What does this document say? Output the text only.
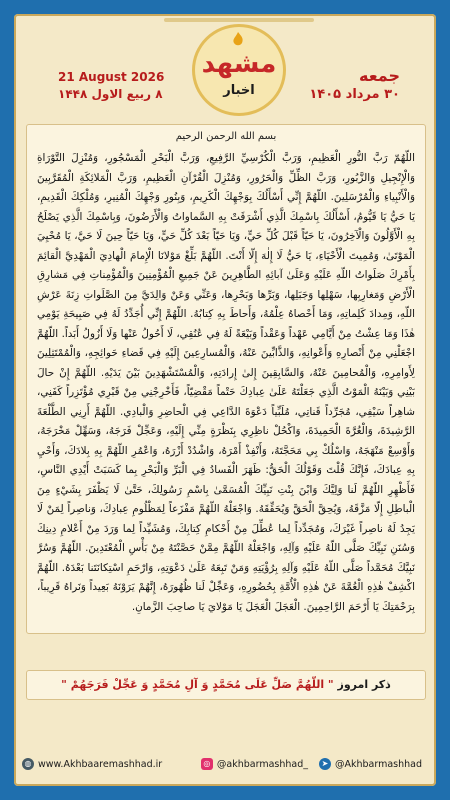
مشهد
اخبار
جمعه
۳۰ مرداد ۱۴۰۵
21 August 2026
۸ ربیع الاول ۱۴۴۸
بسم الله الرحمن الرحیم
اللّهُمّ رَبَّ النُّورِ الْعَظِيمِ، وَرَبَّ الْكُرْسِيِّ الرَّفِيعِ، وَرَبَّ الْبَحْرِ الْمَسْجُورِ، وَمُنْزِلَ التَّوْرَاةِ وَالْإِنْجِيلِ وَالزَّبُورِ، وَرَبَّ الظِّلِّ وَالْحَرُورِ، وَمُنْزِلَ الْقُرْآنِ الْعَظِيمِ، وَرَبَّ الْمَلائِكَةِ الْمُقَرَّبِينَ وَالْأَنْبِياءِ وَالْمُرْسَلِينَ. اللّهُمَّ إِنِّي أَسْأَلُكَ بِوَجْهِكَ الْكَرِيمِ، وَبِنُورِ وَجْهِكَ الْمُنِيرِ، وَمُلْكِكَ الْقَدِيمِ، يَا حَيُّ يَا قَيُّومُ، أَسْأَلُكَ بِاسْمِكَ الَّذِي أَشْرَقَتْ بِهِ السَّماواتُ وَالْأَرَضُونَ، وَبِاسْمِكَ الَّذِي يَصْلَحُ بِهِ الْأَوَّلُونَ وَالْآخِرُونَ، يَا حَيّاً قَبْلَ كُلِّ حَيٍّ، وَيَا حَيّاً بَعْدَ كُلِّ حَيٍّ، وَيَا حَيّاً حِينَ لَا حَيَّ، يَا مُحْيِيَ الْمَوْتَىٰ، وَمُمِيتَ الْأَحْيَاءِ، يَا حَيُّ لَا إِلٰهَ إِلّا أَنْتَ. اللّهُمَّ بَلِّغْ مَوْلانَا الْإِمامَ الْهادِيَ الْمَهْدِيَّ الْقائِمَ بِأَمْرِكَ صَلَواتُ اللّهِ عَلَيْهِ وَعَلَىٰ آبائِهِ الطَّاهِرِينَ عَنْ جَمِيعِ الْمُؤْمِنِينَ وَالْمُؤْمِناتِ فِي مَشارِقِ الْأَرْضِ وَمَغارِبِها، سَهْلِها وَجَبَلِها، وَبَرِّها وَبَحْرِها، وَعَنِّي وَعَنْ وَالِدَيَّ مِنَ الصَّلَواتِ زِنَةَ عَرْشِ اللّهِ، وَمِدادَ كَلِماتِهِ، وَمَا أَحْصاهُ عِلْمُهُ، وَأَحاطَ بِهِ كِتابُهُ. اللّهُمَّ إِنِّي أُجَدِّدُ لَهُ فِي صَبِيحَةِ يَوْمِي هٰذَا وَمَا عِشْتُ مِنْ أَيَّامِي عَهْداً وَعَقْداً وَبَيْعَةً لَهُ فِي عُنُقِي، لَا أَحُولُ عَنْها وَلَا أَزُولُ أَبَداً. اللّهُمَّ اجْعَلْنِي مِنْ أَنْصارِهِ وَأَعْوانِهِ، وَالذَّابِّينَ عَنْهُ، وَالْمُسارِعِينَ إِلَيْهِ فِي قَضاءِ حَوائِجِهِ، وَالْمُمْتَثِلِينَ لِأَوامِرِهِ، وَالْمُحامِينَ عَنْهُ، وَالسَّابِقِينَ إِلىٰ إِرادَتِهِ، وَالْمُسْتَشْهَدِينَ بَيْنَ يَدَيْهِ. اللّهُمَّ إِنْ حالَ بَيْنِي وَبَيْنَهُ الْمَوْتُ الَّذِي جَعَلْتَهُ عَلَىٰ عِبادِكَ حَتْماً مَقْضِيّاً، فَأَخْرِجْنِي مِنْ قَبْرِي مُؤْتَزِراً كَفَنِي، شاهِراً سَيْفِي، مُجَرِّداً قَناتِي، مُلَبِّياً دَعْوَةَ الدَّاعِي فِي الْحاضِرِ وَالْبادِي. اللّهُمَّ أَرِنِي الطَّلْعَةَ الرَّشِيدَةَ، وَالْغُرَّةَ الْحَمِيدَةَ، وَاكْحُلْ ناظِرِي بِنَظْرَةٍ مِنِّي إِلَيْهِ، وَعَجِّلْ فَرَجَهُ، وَسَهِّلْ مَخْرَجَهُ، وَأَوْسِعْ مَنْهَجَهُ، وَاسْلُكْ بِي مَحَجَّتَهُ، وَأَنْفِذْ أَمْرَهُ، وَاشْدُدْ أَزْرَهُ، وَاعْمُرِ اللّهُمَّ بِهِ بِلادَكَ، وَأَحْيِ بِهِ عِبادَكَ، فَإِنَّكَ قُلْتَ وَقَوْلُكَ الْحَقُّ: ظَهَرَ الْفَسادُ فِي الْبَرِّ وَالْبَحْرِ بِما كَسَبَتْ أَيْدِي النَّاسِ، فَأَظْهِرِ اللّهُمَّ لَنا وَلِيَّكَ وَابْنَ بِنْتِ نَبِيِّكَ الْمُسَمَّىٰ بِاسْمِ رَسُولِكَ، حَتَّىٰ لَا يَظْفَرَ بِشَيْءٍ مِنَ الْباطِلِ إِلّا مَزَّقَهُ، وَيُحِقَّ الْحَقَّ وَيُحَقِّقَهُ. وَاجْعَلْهُ اللّهُمَّ مَفْزَعاً لِمَظْلُومِ عِبادِكَ، وَناصِراً لِمَنْ لَا يَجِدُ لَهُ ناصِراً غَيْرَكَ، وَمُجَدِّداً لِما عُطِّلَ مِنْ أَحْكامِ كِتابِكَ، وَمُشَيِّداً لِما وَرَدَ مِنْ أَعْلامِ دِينِكَ وَسُنَنِ نَبِيِّكَ صَلَّى اللّهُ عَلَيْهِ وَآلِهِ، وَاجْعَلْهُ اللّهُمَّ مِمَّنْ حَصَّنْتَهُ مِنْ بَأْسِ الْمُعْتَدِينَ. اللّهُمَّ وَسُرَّ نَبِيَّكَ مُحَمَّداً صَلَّى اللّهُ عَلَيْهِ وَآلِهِ بِرُؤْيَتِهِ وَمَنْ تَبِعَهُ عَلَىٰ دَعْوَتِهِ، وَارْحَمِ اسْتِكانَتَنا بَعْدَهُ. اللّهُمَّ اكْشِفْ هٰذِهِ الْغُمَّةَ عَنْ هٰذِهِ الْأُمَّةِ بِحُضُورِهِ، وَعَجِّلْ لَنا ظُهُورَهُ، إِنَّهُمْ يَرَوْنَهُ بَعِيداً وَنَراهُ قَرِيباً، بِرَحْمَتِكَ يَا أَرْحَمَ الرَّاحِمِينَ. الْعَجَلَ الْعَجَلَ يَا مَوْلايَ يَا صاحِبَ الزَّمانِ.
ذکر امروز " اللّهُمَّ صَلِّ عَلَى مُحَمَّدٍ وَ آلِ مُحَمَّدٍ وَ عَجِّلْ فَرَجَهُمْ "
➤ @Akhbarmashhad
◎ @akhbarmashhad_
◍ www.Akhbaaremashhad.ir
